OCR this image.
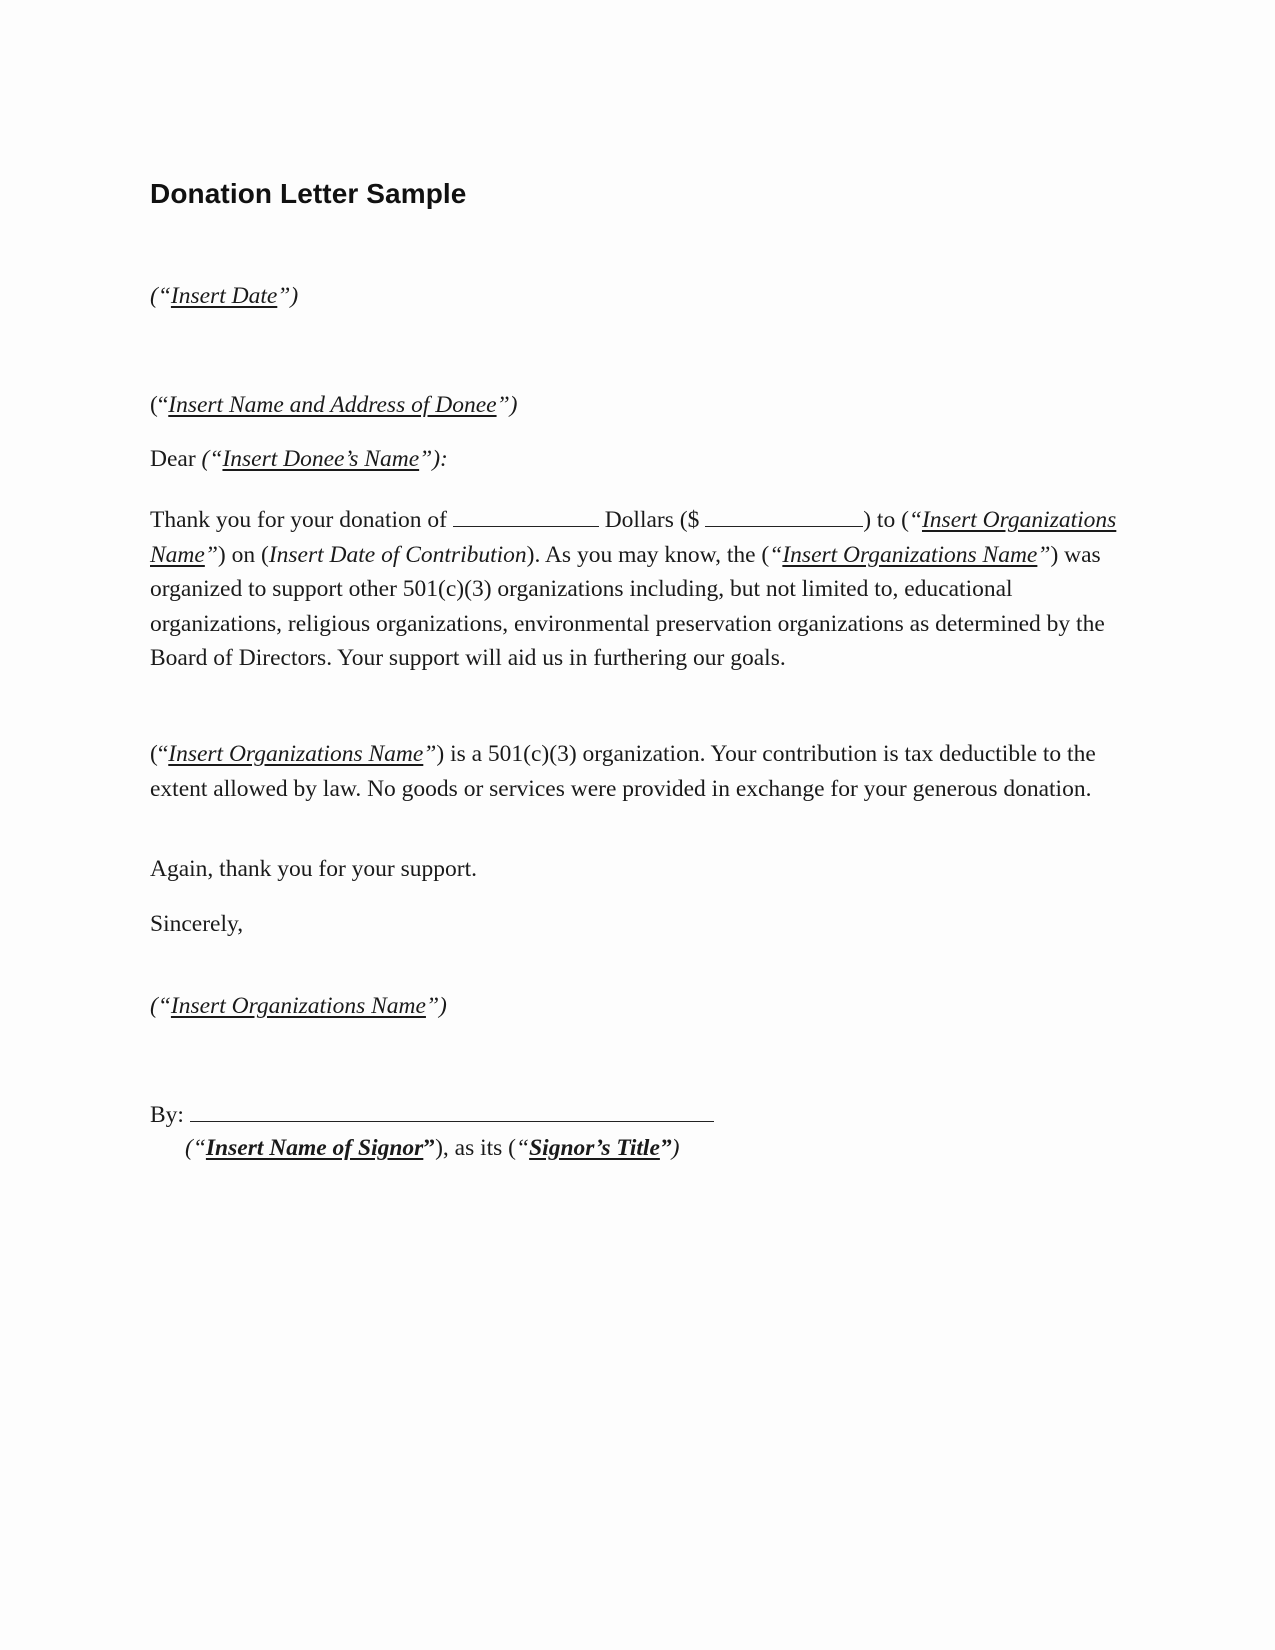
Donation Letter Sample
(“Insert Date”)
(“Insert Name and Address of Donee”)
Dear (“Insert Donee’s Name”):
Thank you for your donation of	Dollars ($	) to (“Insert Organizations Name”) on (Insert Date of Contribution). As you may know, the (“Insert Organizations Name”) was organized to support other 501(c)(3) organizations including, but not limited to, educational organizations, religious organizations, environmental preservation organizations as determined by the Board of Directors. Your support will aid us in furthering our goals.
(“Insert Organizations Name”) is a 501(c)(3) organization. Your contribution is tax deductible to the extent allowed by law. No goods or services were provided in exchange for your generous donation.
Again, thank you for your support.
Sincerely,
(“Insert Organizations Name”)
By:
(“Insert Name of Signor”), as its (“Signor’s Title”)
